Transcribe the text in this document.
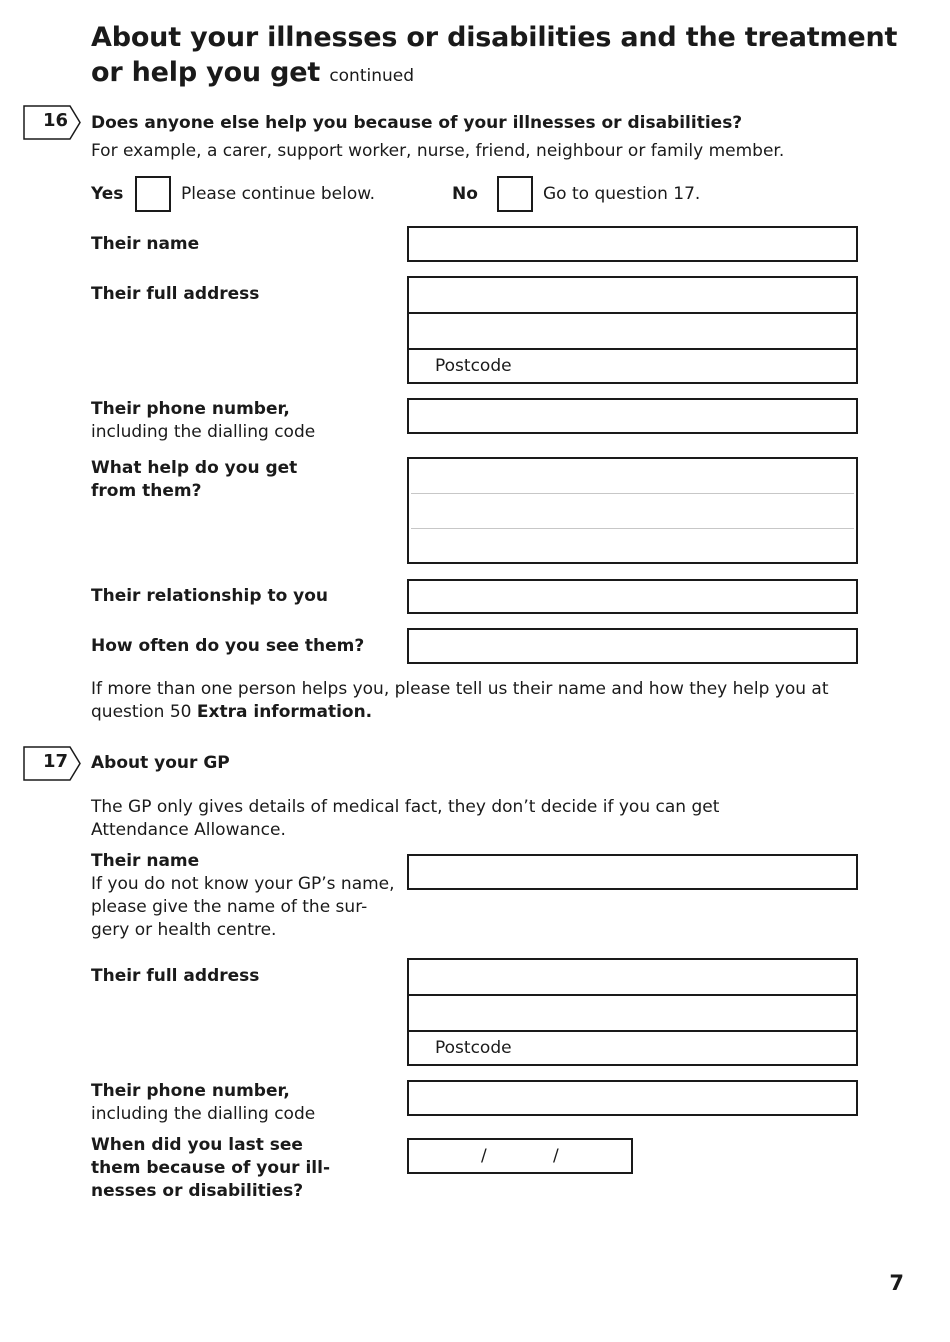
About your illnesses or disabilities and the treatment
or help you get continued
16 Does anyone else help you because of your illnesses or disabilities?
For example, a carer, support worker, nurse, friend, neighbour or family member.
Yes	Please continue below.	No	Go to question 17.
Their name
Their full address
Postcode
Their phone number,
including the dialling code
What help do you get
from them?
Their relationship to you
How often do you see them?
If more than one person helps you, please tell us their name and how they help you at
question 50 Extra information.
17 About your GP
The GP only gives details of medical fact, they don’t decide if you can get
Attendance Allowance.
Their name
If you do not know your GP’s name,
please give the name of the sur-
gery or health centre.
Their full address
Postcode
Their phone number,
including the dialling code
When did you last see
them because of your ill-
nesses or disabilities?
/	/
7
